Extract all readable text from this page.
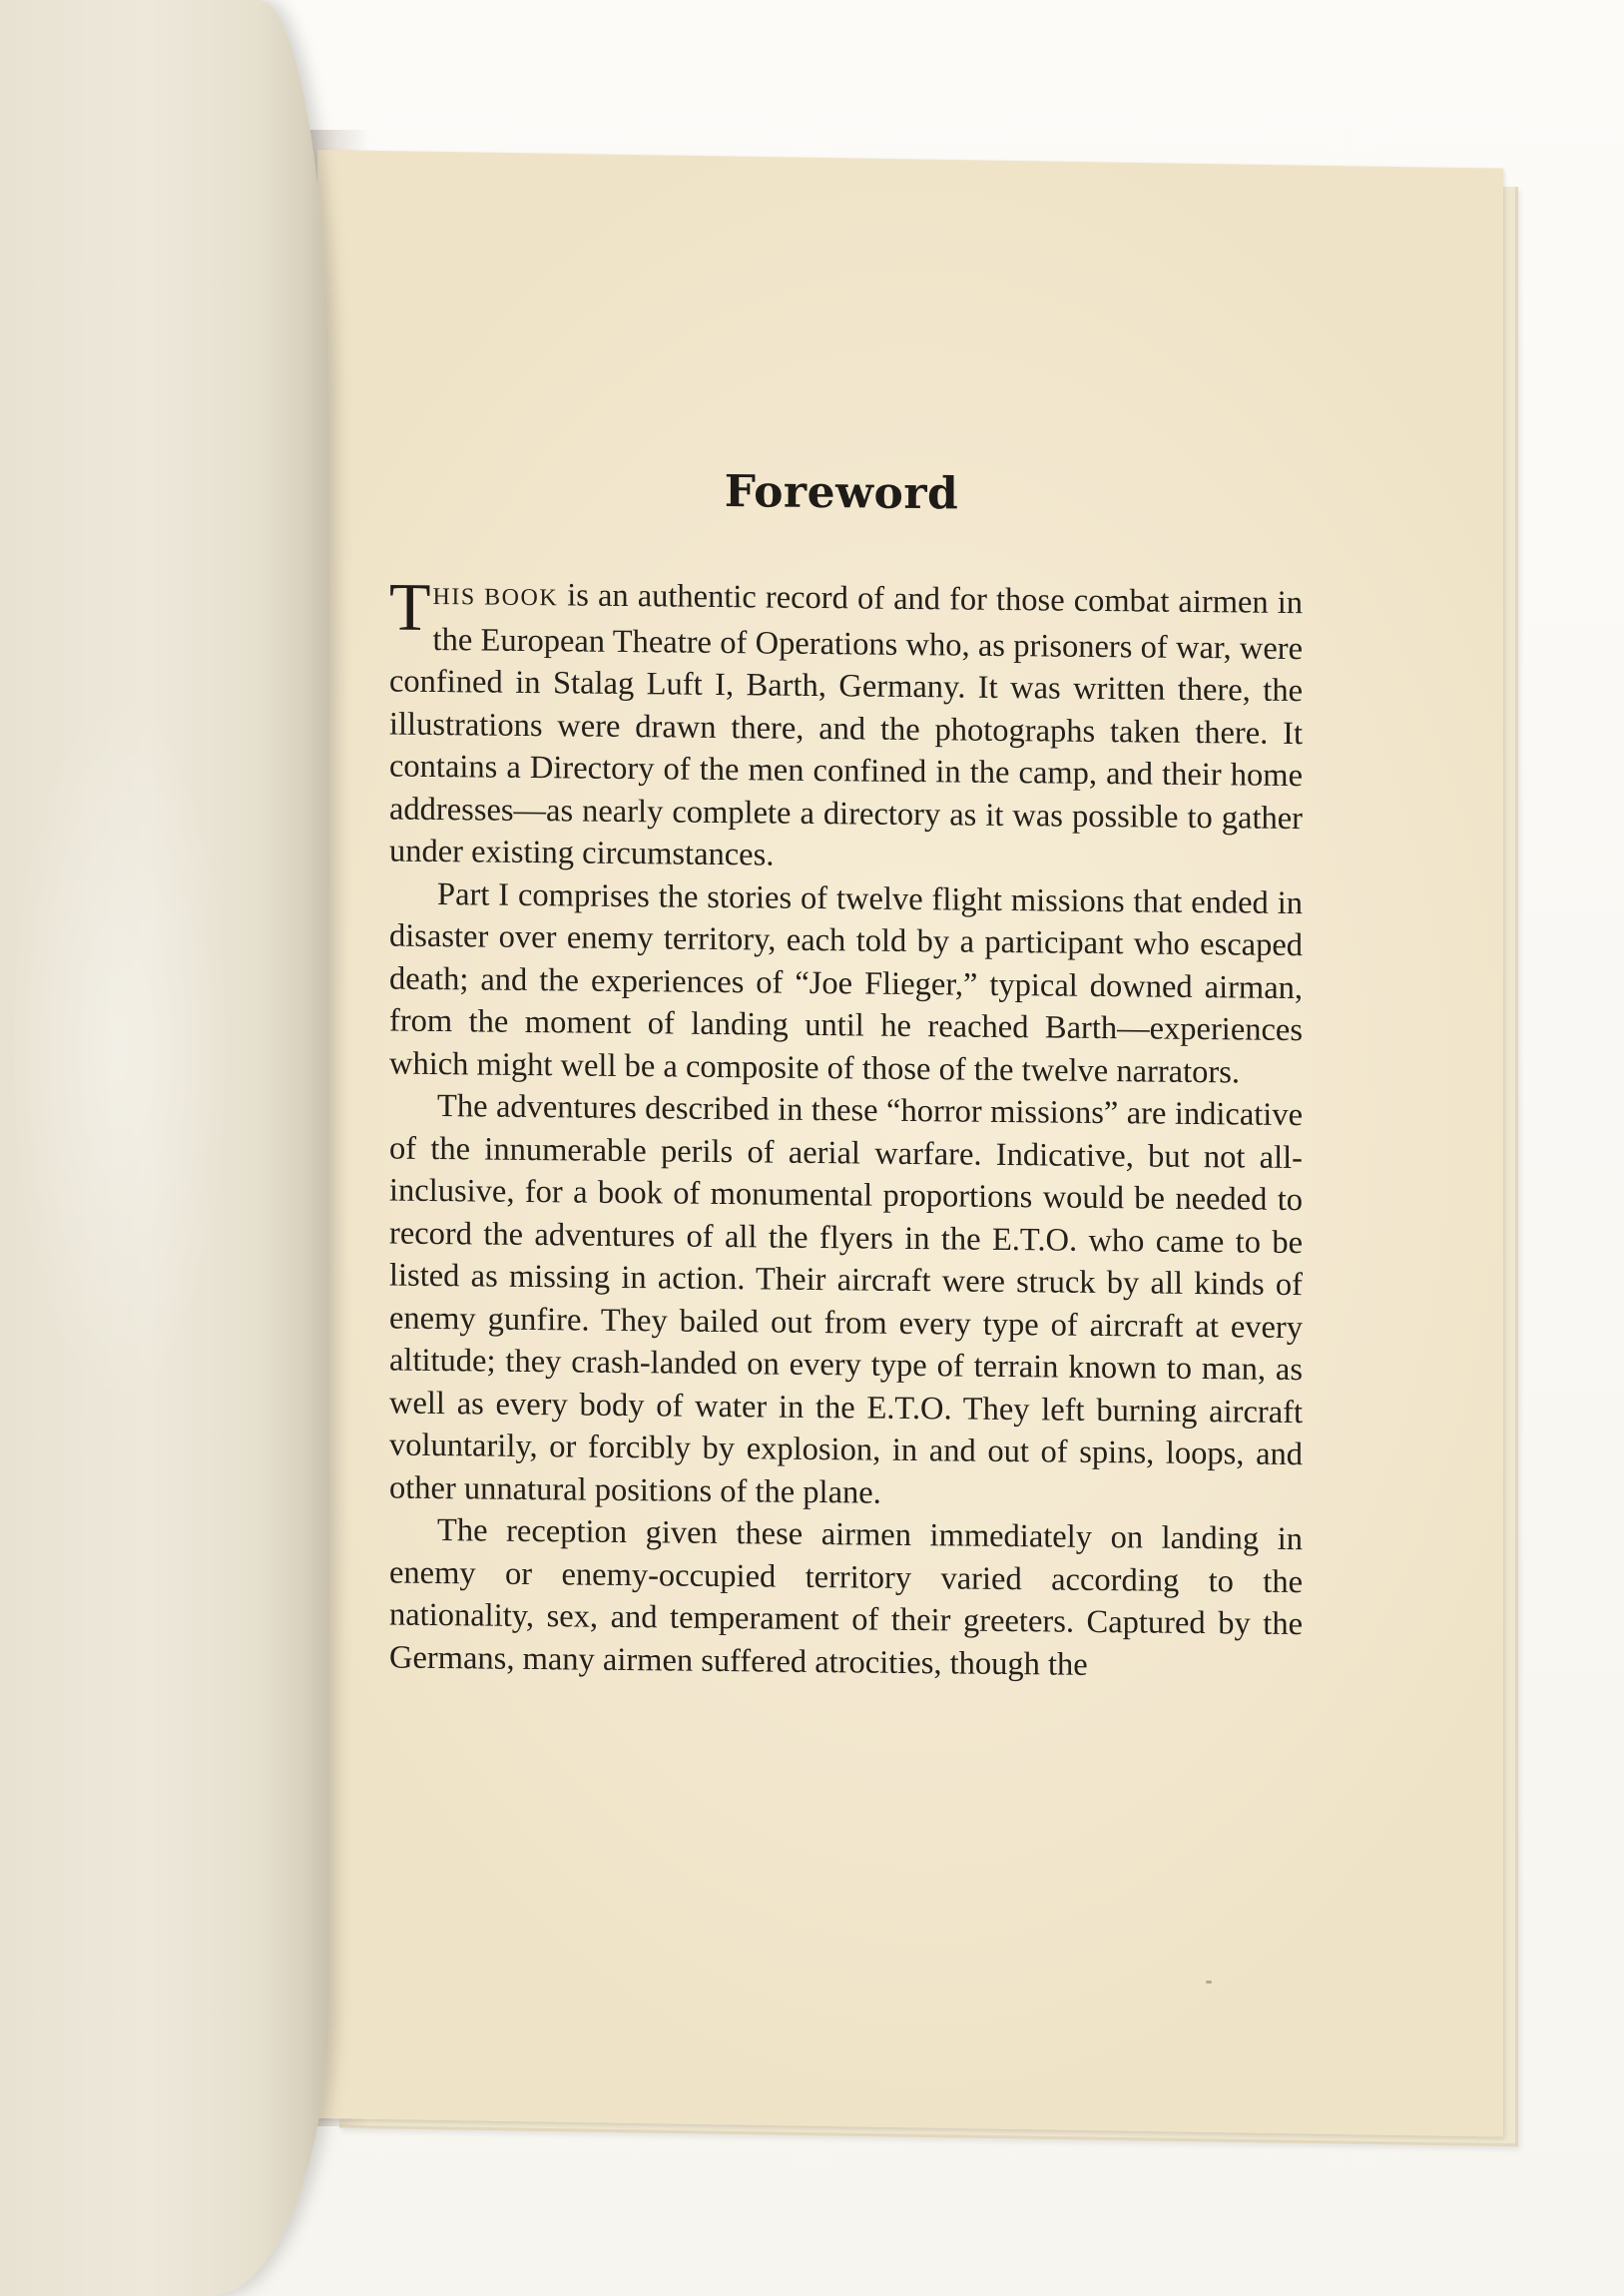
Foreword

THIS BOOK is an authentic record of and for those combat airmen in the European Theatre of Operations who, as prisoners of war, were confined in Stalag Luft I, Barth, Germany. It was written there, the illustrations were drawn there, and the photographs taken there. It contains a Directory of the men confined in the camp, and their home addresses—as nearly complete a directory as it was possible to gather under existing circumstances.

Part I comprises the stories of twelve flight missions that ended in disaster over enemy territory, each told by a participant who escaped death; and the experiences of “Joe Flieger,” typical downed airman, from the moment of landing until he reached Barth—experiences which might well be a composite of those of the twelve narrators.

The adventures described in these “horror missions” are indicative of the innumerable perils of aerial warfare. Indicative, but not all-inclusive, for a book of monumental proportions would be needed to record the adventures of all the flyers in the E.T.O. who came to be listed as missing in action. Their aircraft were struck by all kinds of enemy gunfire. They bailed out from every type of aircraft at every altitude; they crash-landed on every type of terrain known to man, as well as every body of water in the E.T.O. They left burning aircraft voluntarily, or forcibly by explosion, in and out of spins, loops, and other unnatural positions of the plane.

The reception given these airmen immediately on landing in enemy or enemy-occupied territory varied according to the nationality, sex, and temperament of their greeters. Captured by the Germans, many airmen suffered atrocities, though the
